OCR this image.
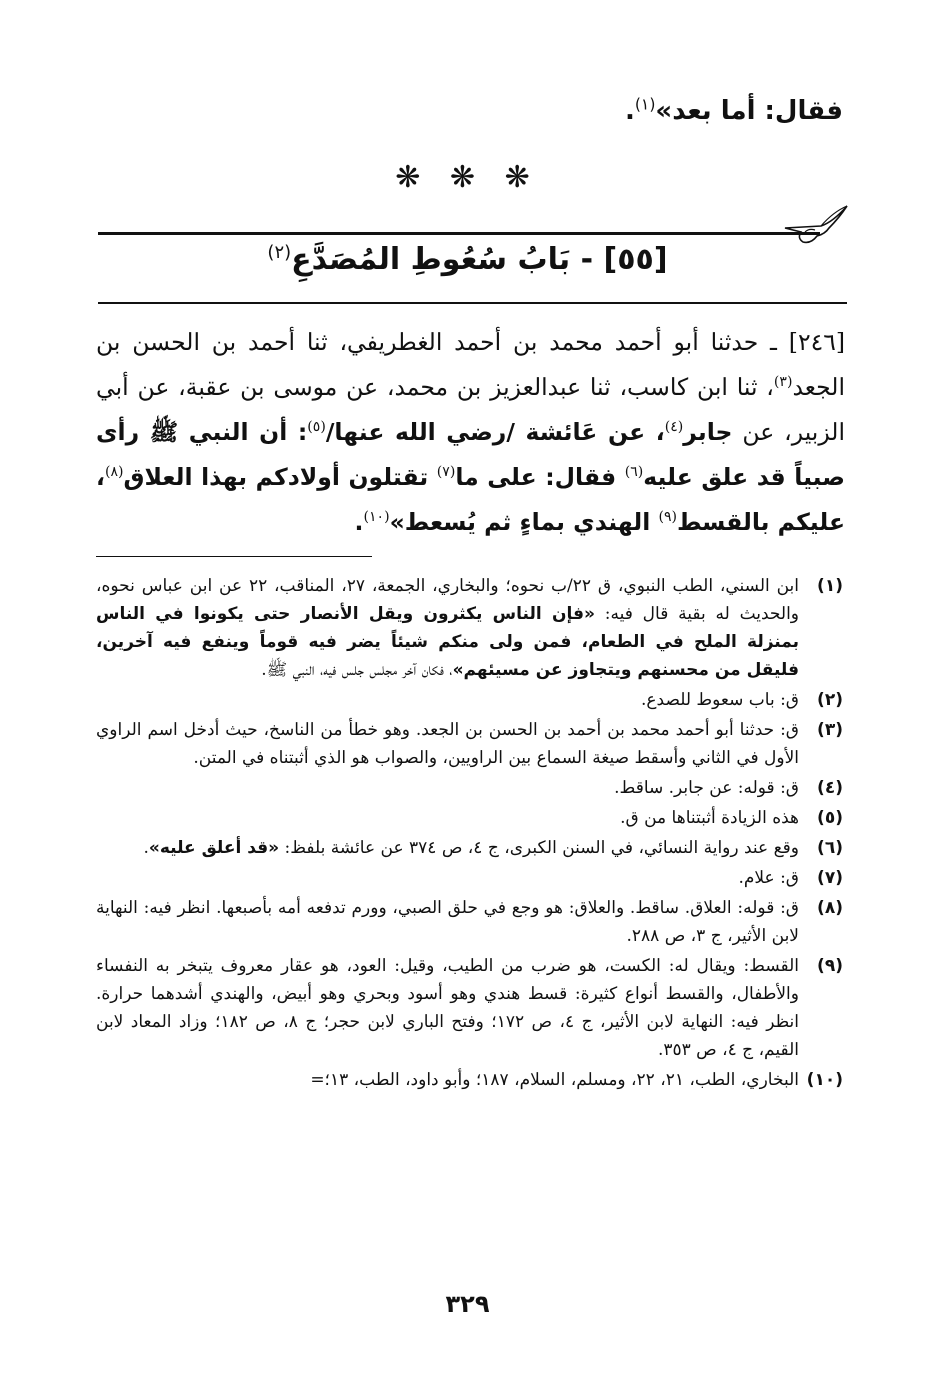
فقال: أما بعد»$^{(١)}$.
❋ ❋ ❋
[٥٥] - بَابُ سُعُوطِ المُصَدَّعِ$^{(٢)}$
[٢٤٦] ـ حدثنا أبو أحمد محمد بن أحمد الغطريفي، ثنا أحمد بن الحسن بن الجعد$^{(٣)}$، ثنا ابن كاسب، ثنا عبدالعزيز بن محمد، عن موسى بن عقبة، عن أبي الزبير، عن جابر$^{(٤)}$، عن عَائشة /رضي الله عنها/$^{(٥)}$: أن النبي ﷺ رأى صبياً قد علق عليه$^{(٦)}$ فقال: على ما$^{(٧)}$ تقتلون أولادكم بهذا العلاق$^{(٨)}$، عليكم بالقسط$^{(٩)}$ الهندي بماءٍ ثم يُسعط»$^{(١٠)}$.
(١)
ابن السني، الطب النبوي، ق ٢٢/ب نحوه؛ والبخاري، الجمعة، ٢٧، المناقب، ٢٢ عن ابن عباس نحوه، والحديث له بقية قال فيه: «فإن الناس يكثرون ويقل الأنصار حتى يكونوا في الناس بمنزلة الملح في الطعام، فمن ولى منكم شيئاً يضر فيه قوماً وينفع فيه آخرين، فليقل من محسنهم ويتجاوز عن مسيئهم»، فكان آخر مجلس جلس فيه، النبي ﷺ.
(٢)
ق: باب سعوط للصدع.
(٣)
ق: حدثنا أبو أحمد محمد بن أحمد بن الحسن بن الجعد. وهو خطأ من الناسخ، حيث أدخل اسم الراوي الأول في الثاني وأسقط صيغة السماع بين الراويين، والصواب هو الذي أثبتناه في المتن.
(٤)
ق: قوله: عن جابر. ساقط.
(٥)
هذه الزيادة أثبتناها من ق.
(٦)
وقع عند رواية النسائي، في السنن الكبرى، ج ٤، ص ٣٧٤ عن عائشة بلفظ: «قد أعلق عليه».
(٧)
ق: علام.
(٨)
ق: قوله: العلاق. ساقط. والعلاق: هو وجع في حلق الصبي، وورم تدفعه أمه بأصبعها. انظر فيه: النهاية لابن الأثير، ج ٣، ص ٢٨٨.
(٩)
القسط: ويقال له: الكست، هو ضرب من الطيب، وقيل: العود، هو عقار معروف يتبخر به النفساء والأطفال، والقسط أنواع كثيرة: قسط هندي وهو أسود وبحري وهو أبيض، والهندي أشدهما حرارة. انظر فيه: النهاية لابن الأثير، ج ٤، ص ١٧٢؛ وفتح الباري لابن حجر؛ ج ٨، ص ١٨٢؛ وزاد المعاد لابن القيم، ج ٤، ص ٣٥٣.
(١٠)
البخاري، الطب، ٢١، ٢٢، ومسلم، السلام، ١٨٧؛ وأبو داود، الطب، ١٣؛=
٣٢٩
